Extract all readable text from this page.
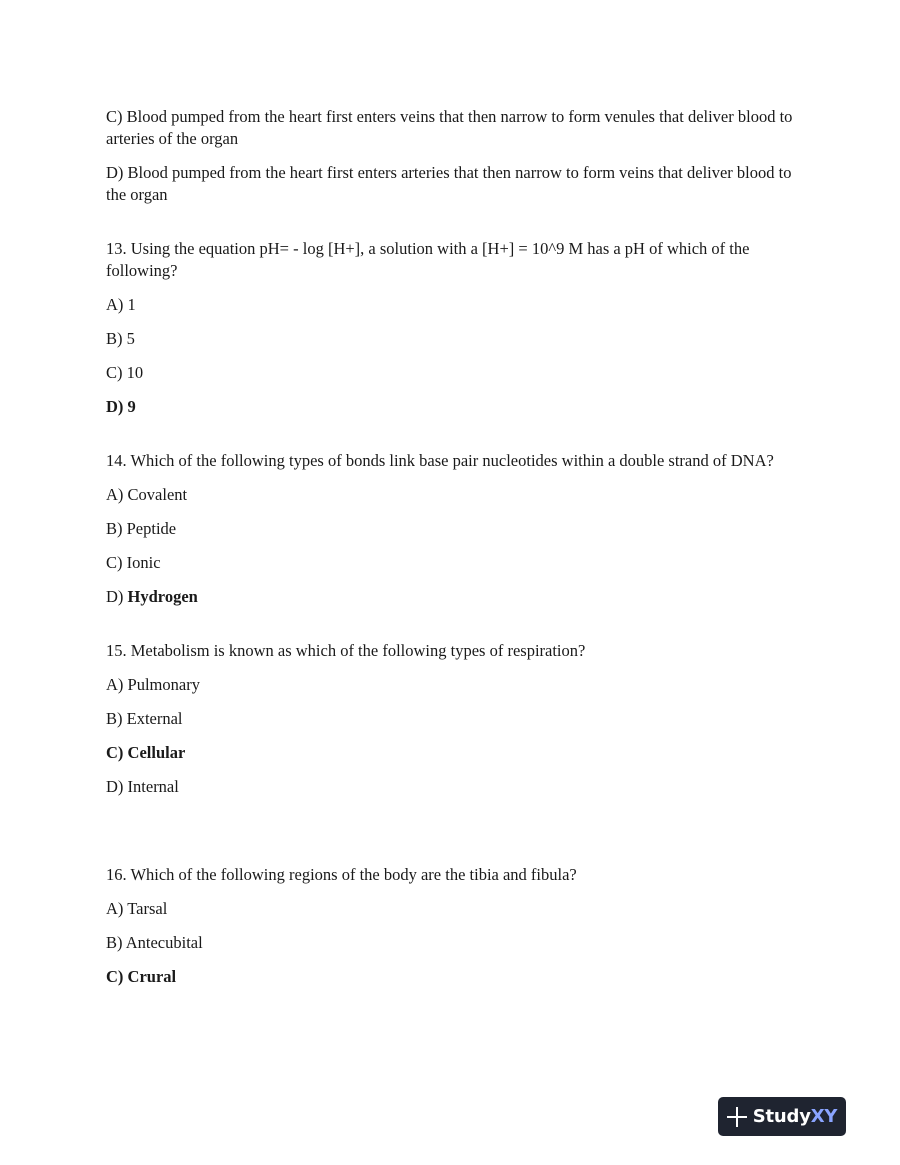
C) Blood pumped from the heart first enters veins that then narrow to form venules that deliver blood to arteries of the organ

D) Blood pumped from the heart first enters arteries that then narrow to form veins that deliver blood to the organ

13. Using the equation pH= - log [H+], a solution with a [H+] = 10^9 M has a pH of which of the following?

A) 1

B) 5

C) 10

D) 9

14. Which of the following types of bonds link base pair nucleotides within a double strand of DNA?

A) Covalent

B) Peptide

C) Ionic

D) Hydrogen

15. Metabolism is known as which of the following types of respiration?

A) Pulmonary

B) External

C) Cellular

D) Internal

16. Which of the following regions of the body are the tibia and fibula?

A) Tarsal

B) Antecubital

C) Crural

Study XY
